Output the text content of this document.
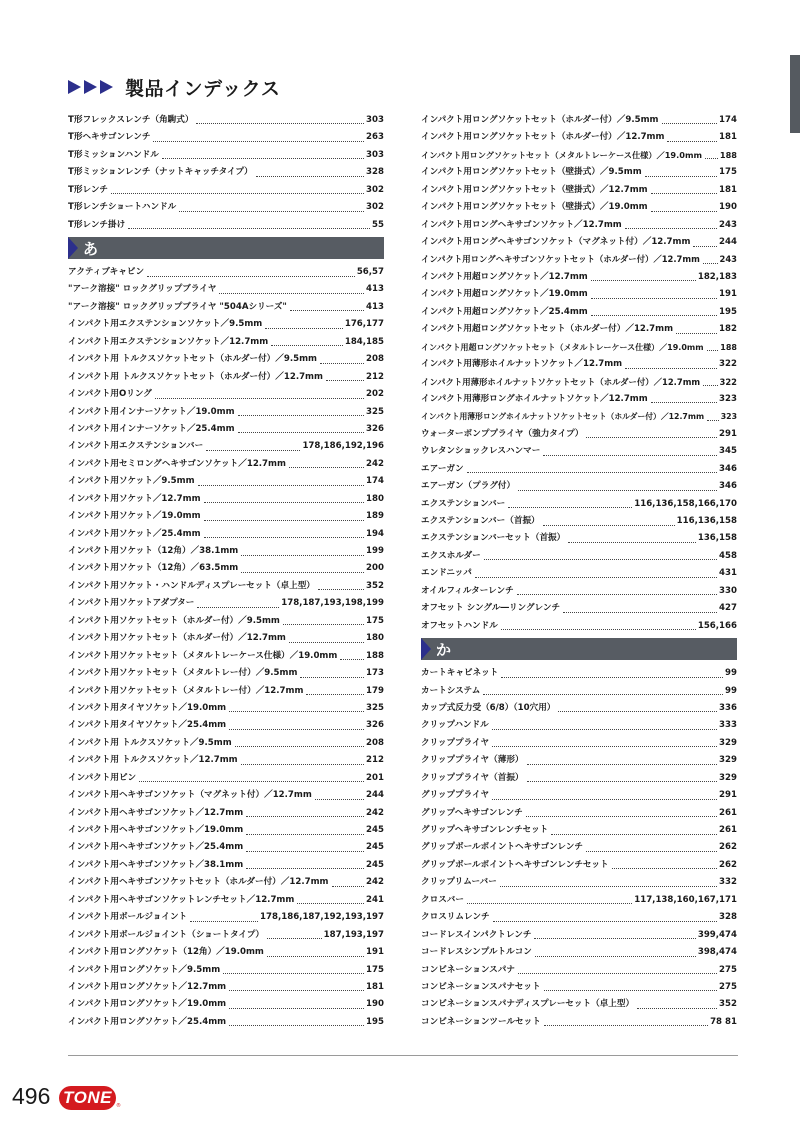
製品インデックス
T形フレックスレンチ（角駒式）	303
T形ヘキサゴンレンチ	263
T形ミッションハンドル	303
T形ミッションレンチ（ナットキャッチタイプ）	328
T形レンチ	302
T形レンチショートハンドル	302
T形レンチ掛け	55
あ
アクティブキャビン	56,57
"アーク溶接" ロックグリップブライヤ	413
"アーク溶接" ロックグリップブライヤ "504Aシリーズ"	413
インパクト用エクステンションソケット／9.5mm	176,177
インパクト用エクステンションソケット／12.7mm	184,185
インパクト用 トルクスソケットセット（ホルダー付）／9.5mm	208
インパクト用 トルクスソケットセット（ホルダー付）／12.7mm	212
インパクト用Oリング	202
インパクト用インナーソケット／19.0mm	325
インパクト用インナーソケット／25.4mm	326
インパクト用エクステンションバー	178,186,192,196
インパクト用セミロングヘキサゴンソケット／12.7mm	242
インパクト用ソケット／9.5mm	174
インパクト用ソケット／12.7mm	180
インパクト用ソケット／19.0mm	189
インパクト用ソケット／25.4mm	194
インパクト用ソケット（12角）／38.1mm	199
インパクト用ソケット（12角）／63.5mm	200
インパクト用ソケット・ハンドルディスプレーセット（卓上型）	352
インパクト用ソケットアダプター	178,187,193,198,199
インパクト用ソケットセット（ホルダー付）／9.5mm	175
インパクト用ソケットセット（ホルダー付）／12.7mm	180
インパクト用ソケットセット（メタルトレーケース仕様）／19.0mm	188
インパクト用ソケットセット（メタルトレー付）／9.5mm	173
インパクト用ソケットセット（メタルトレー付）／12.7mm	179
インパクト用タイヤソケット／19.0mm	325
インパクト用タイヤソケット／25.4mm	326
インパクト用 トルクスソケット／9.5mm	208
インパクト用 トルクスソケット／12.7mm	212
インパクト用ピン	201
インパクト用ヘキサゴンソケット（マグネット付）／12.7mm	244
インパクト用ヘキサゴンソケット／12.7mm	242
インパクト用ヘキサゴンソケット／19.0mm	245
インパクト用ヘキサゴンソケット／25.4mm	245
インパクト用ヘキサゴンソケット／38.1mm	245
インパクト用ヘキサゴンソケットセット（ホルダー付）／12.7mm	242
インパクト用ヘキサゴンソケットレンチセット／12.7mm	241
インパクト用ボールジョイント	178,186,187,192,193,197
インパクト用ボールジョイント（ショートタイプ）	187,193,197
インパクト用ロングソケット（12角）／19.0mm	191
インパクト用ロングソケット／9.5mm	175
インパクト用ロングソケット／12.7mm	181
インパクト用ロングソケット／19.0mm	190
インパクト用ロングソケット／25.4mm	195
インパクト用ロングソケットセット（ホルダー付）／9.5mm	174
インパクト用ロングソケットセット（ホルダー付）／12.7mm	181
インパクト用ロングソケットセット（メタルトレーケース仕様）／19.0mm 188
インパクト用ロングソケットセット（壁掛式）／9.5mm	175
インパクト用ロングソケットセット（壁掛式）／12.7mm	181
インパクト用ロングソケットセット（壁掛式）／19.0mm	190
インパクト用ロングヘキサゴンソケット／12.7mm	243
インパクト用ロングヘキサゴンソケット（マグネット付）／12.7mm	244
インパクト用ロングヘキサゴンソケットセット（ホルダー付）／12.7mm 243
インパクト用超ロングソケット／12.7mm	182,183
インパクト用超ロングソケット／19.0mm	191
インパクト用超ロングソケット／25.4mm	195
インパクト用超ロングソケットセット（ホルダー付）／12.7mm	182
インパクト用超ロングソケットセット（メタルトレーケース仕様）／19.0mm 188
インパクト用薄形ホイルナットソケット／12.7mm	322
インパクト用薄形ホイルナットソケットセット（ホルダー付）／12.7mm 322
インパクト用薄形ロングホイルナットソケット／12.7mm	323
インパクト用薄形ロングホイルナットソケットセット（ホルダー付）／12.7mm 323
ウォーターポンププライヤ（強力タイプ）	291
ウレタンショックレスハンマー	345
エアーガン	346
エアーガン（プラグ付）	346
エクステンションバー	116,136,158,166,170
エクステンションバー（首振）	116,136,158
エクステンションバーセット（首振）	136,158
エクスホルダー	458
エンドニッパ	431
オイルフィルターレンチ	330
オフセット シングル―リングレンチ	427
オフセットハンドル	156,166
か
カートキャビネット	99
カートシステム	99
カップ式反力受（6/8）（10穴用）	336
クリップハンドル	333
クリッププライヤ	329
クリッププライヤ（薄形）	329
クリッププライヤ（首振）	329
グリッププライヤ	291
グリップヘキサゴンレンチ	261
グリップヘキサゴンレンチセット	261
グリップボールポイントヘキサゴンレンチ	262
グリップボールポイントヘキサゴンレンチセット	262
クリップリムーバー	332
クロスバー	117,138,160,167,171
クロスリムレンチ	328
コードレスインパクトレンチ	399,474
コードレスシンプルトルコン	398,474
コンビネーションスパナ	275
コンビネーションスパナセット	275
コンビネーションスパナディスプレーセット（卓上型）	352
コンビネーションツールセット	78 81
496 TONE $_®$
